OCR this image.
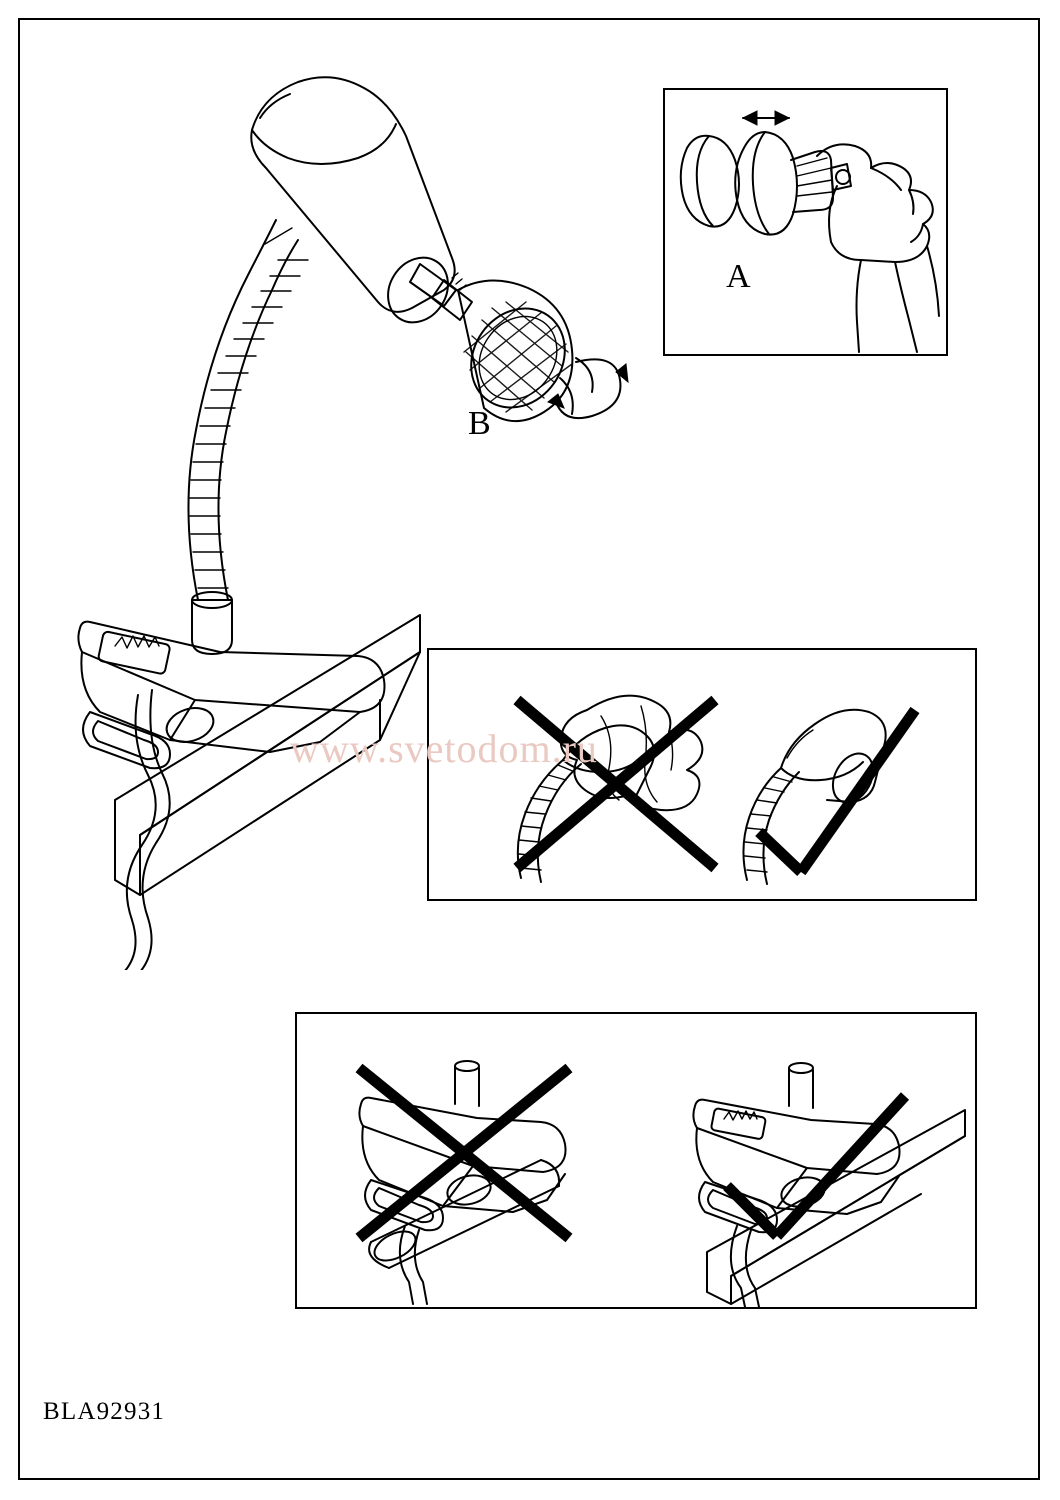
B
A
www.svetodom.ru
BLA92931
